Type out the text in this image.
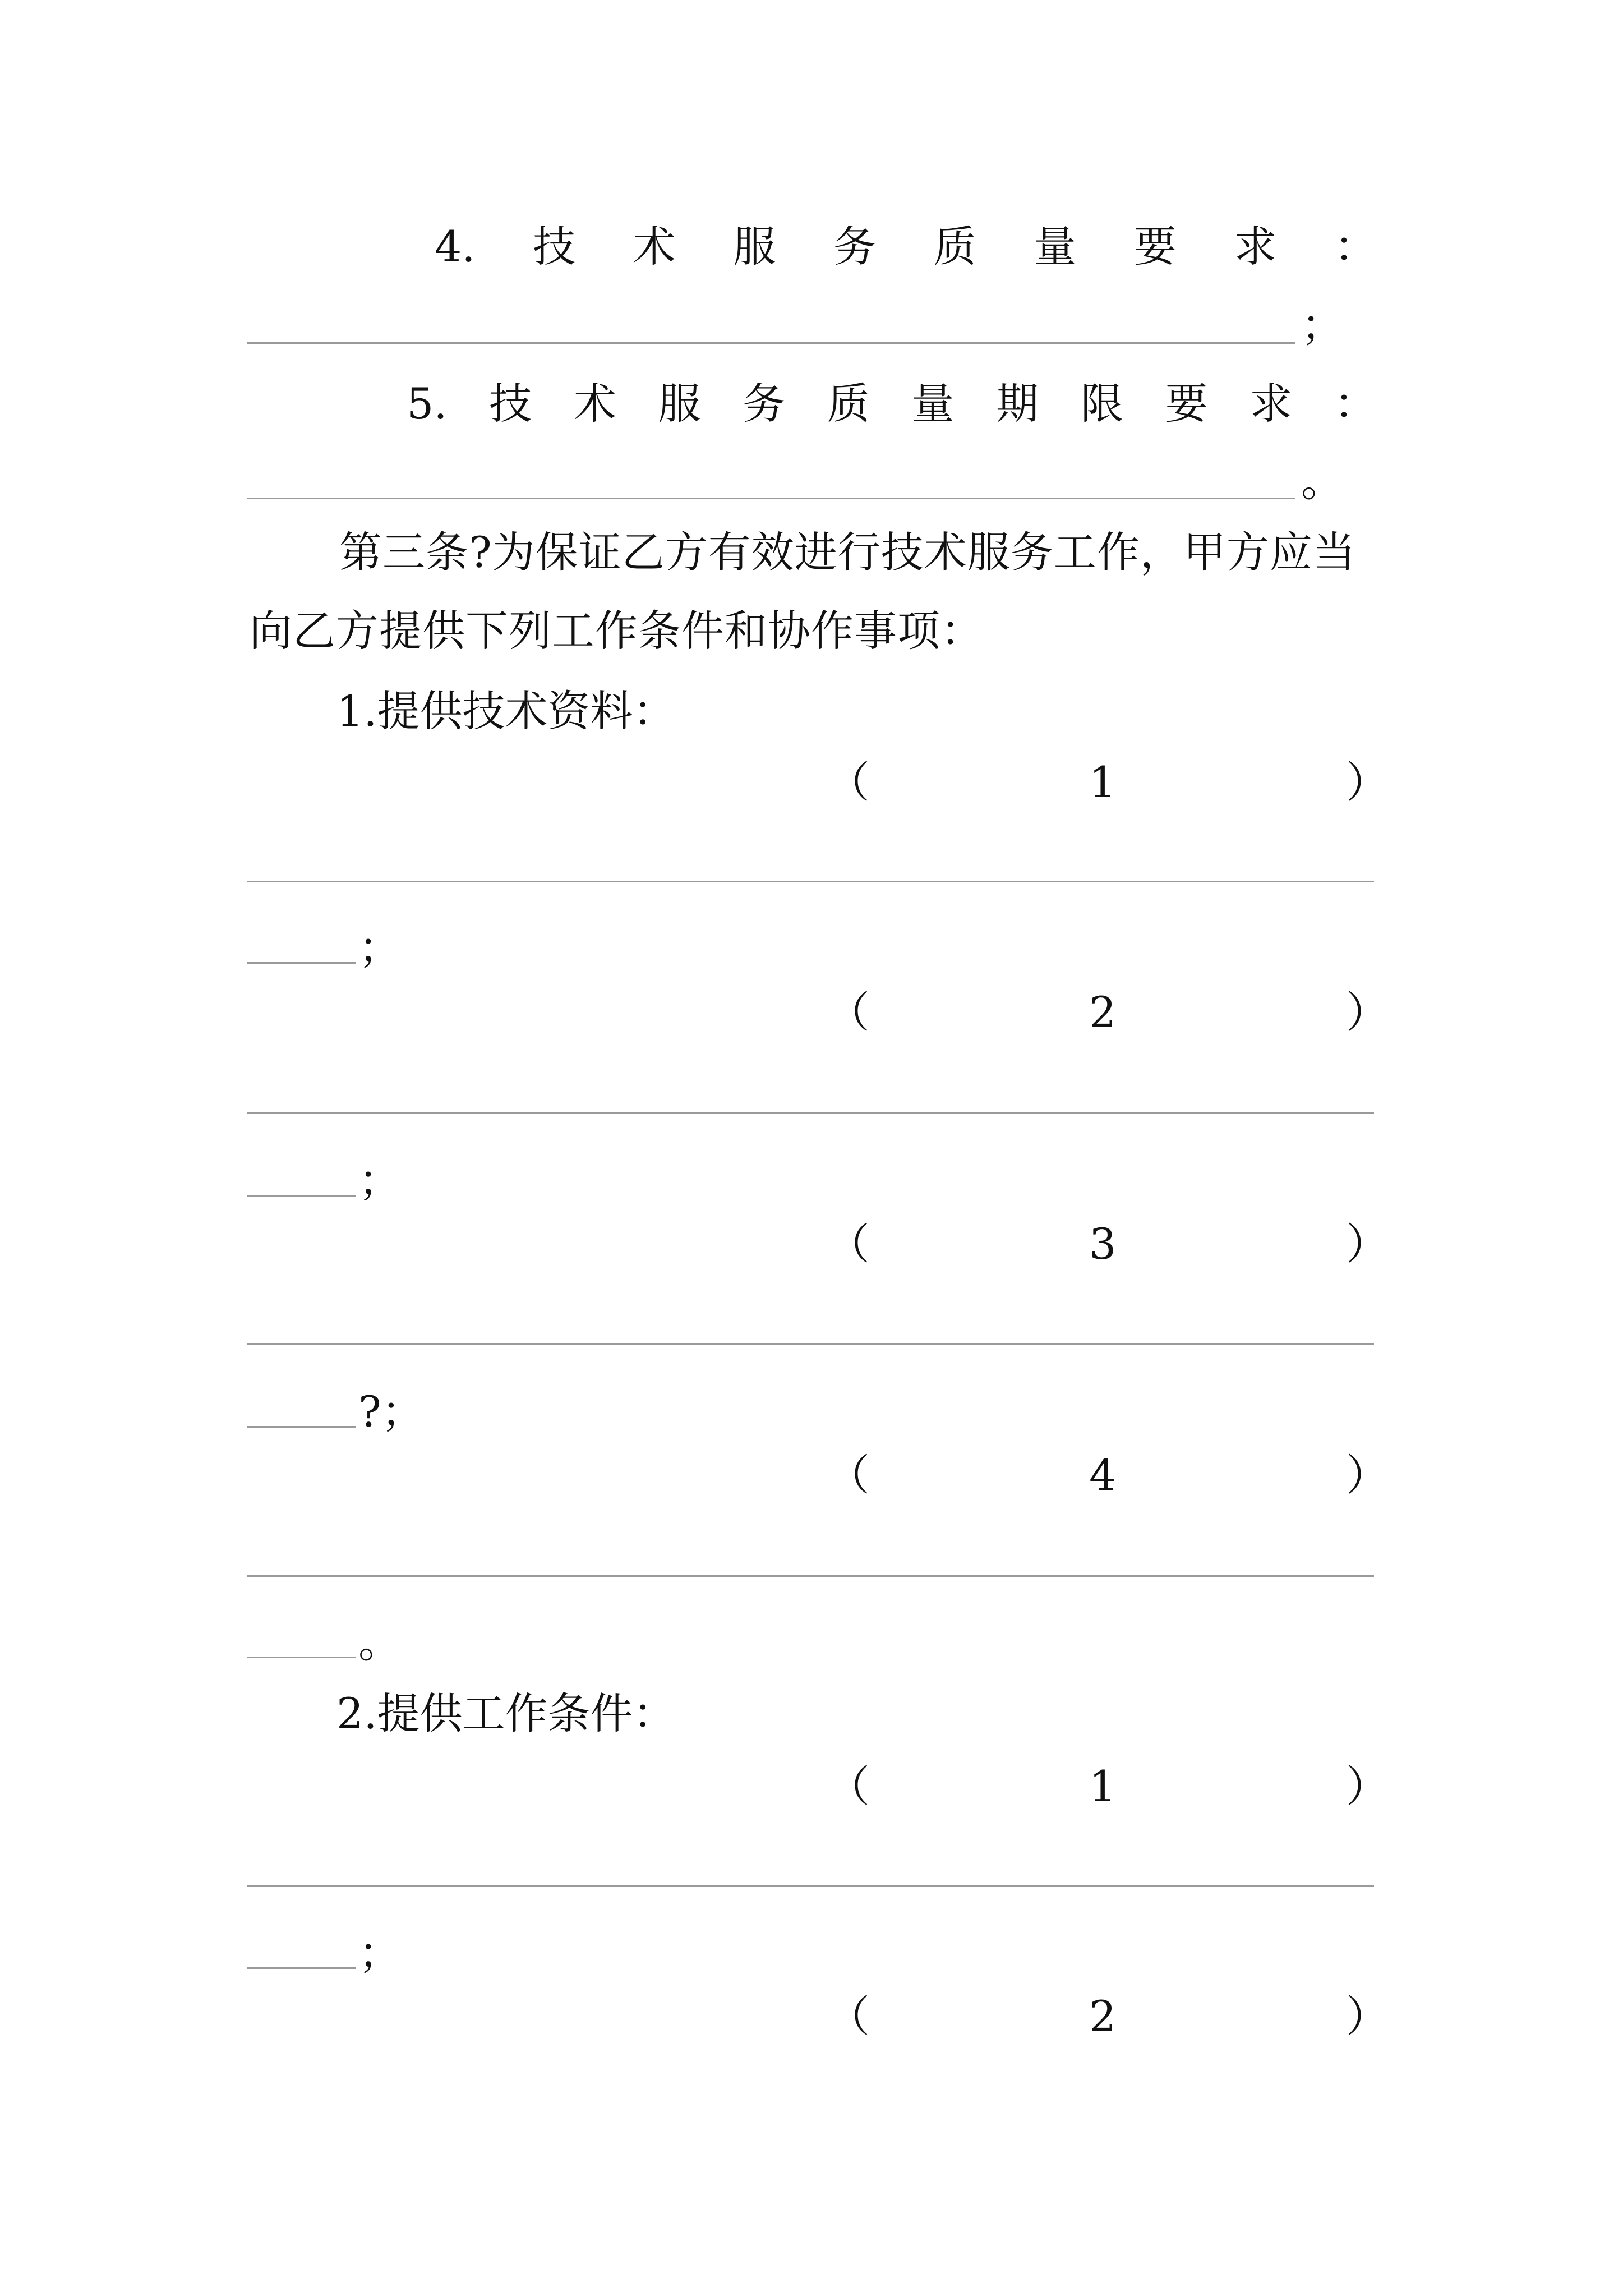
4. 技 术 服 务 质 量 要 求 ：
；
5. 技 术 服 务 质 量 期 限 要 求 ：
。
第三条?为保证乙方有效进行技术服务工作，甲方应当
向乙方提供下列工作条件和协作事项：
1.提供技术资料：
（	1	）
；
（	2	）
；
（	3	）
?；
（	4	）
。
2.提供工作条件：
（	1	）
；
（	2	）
